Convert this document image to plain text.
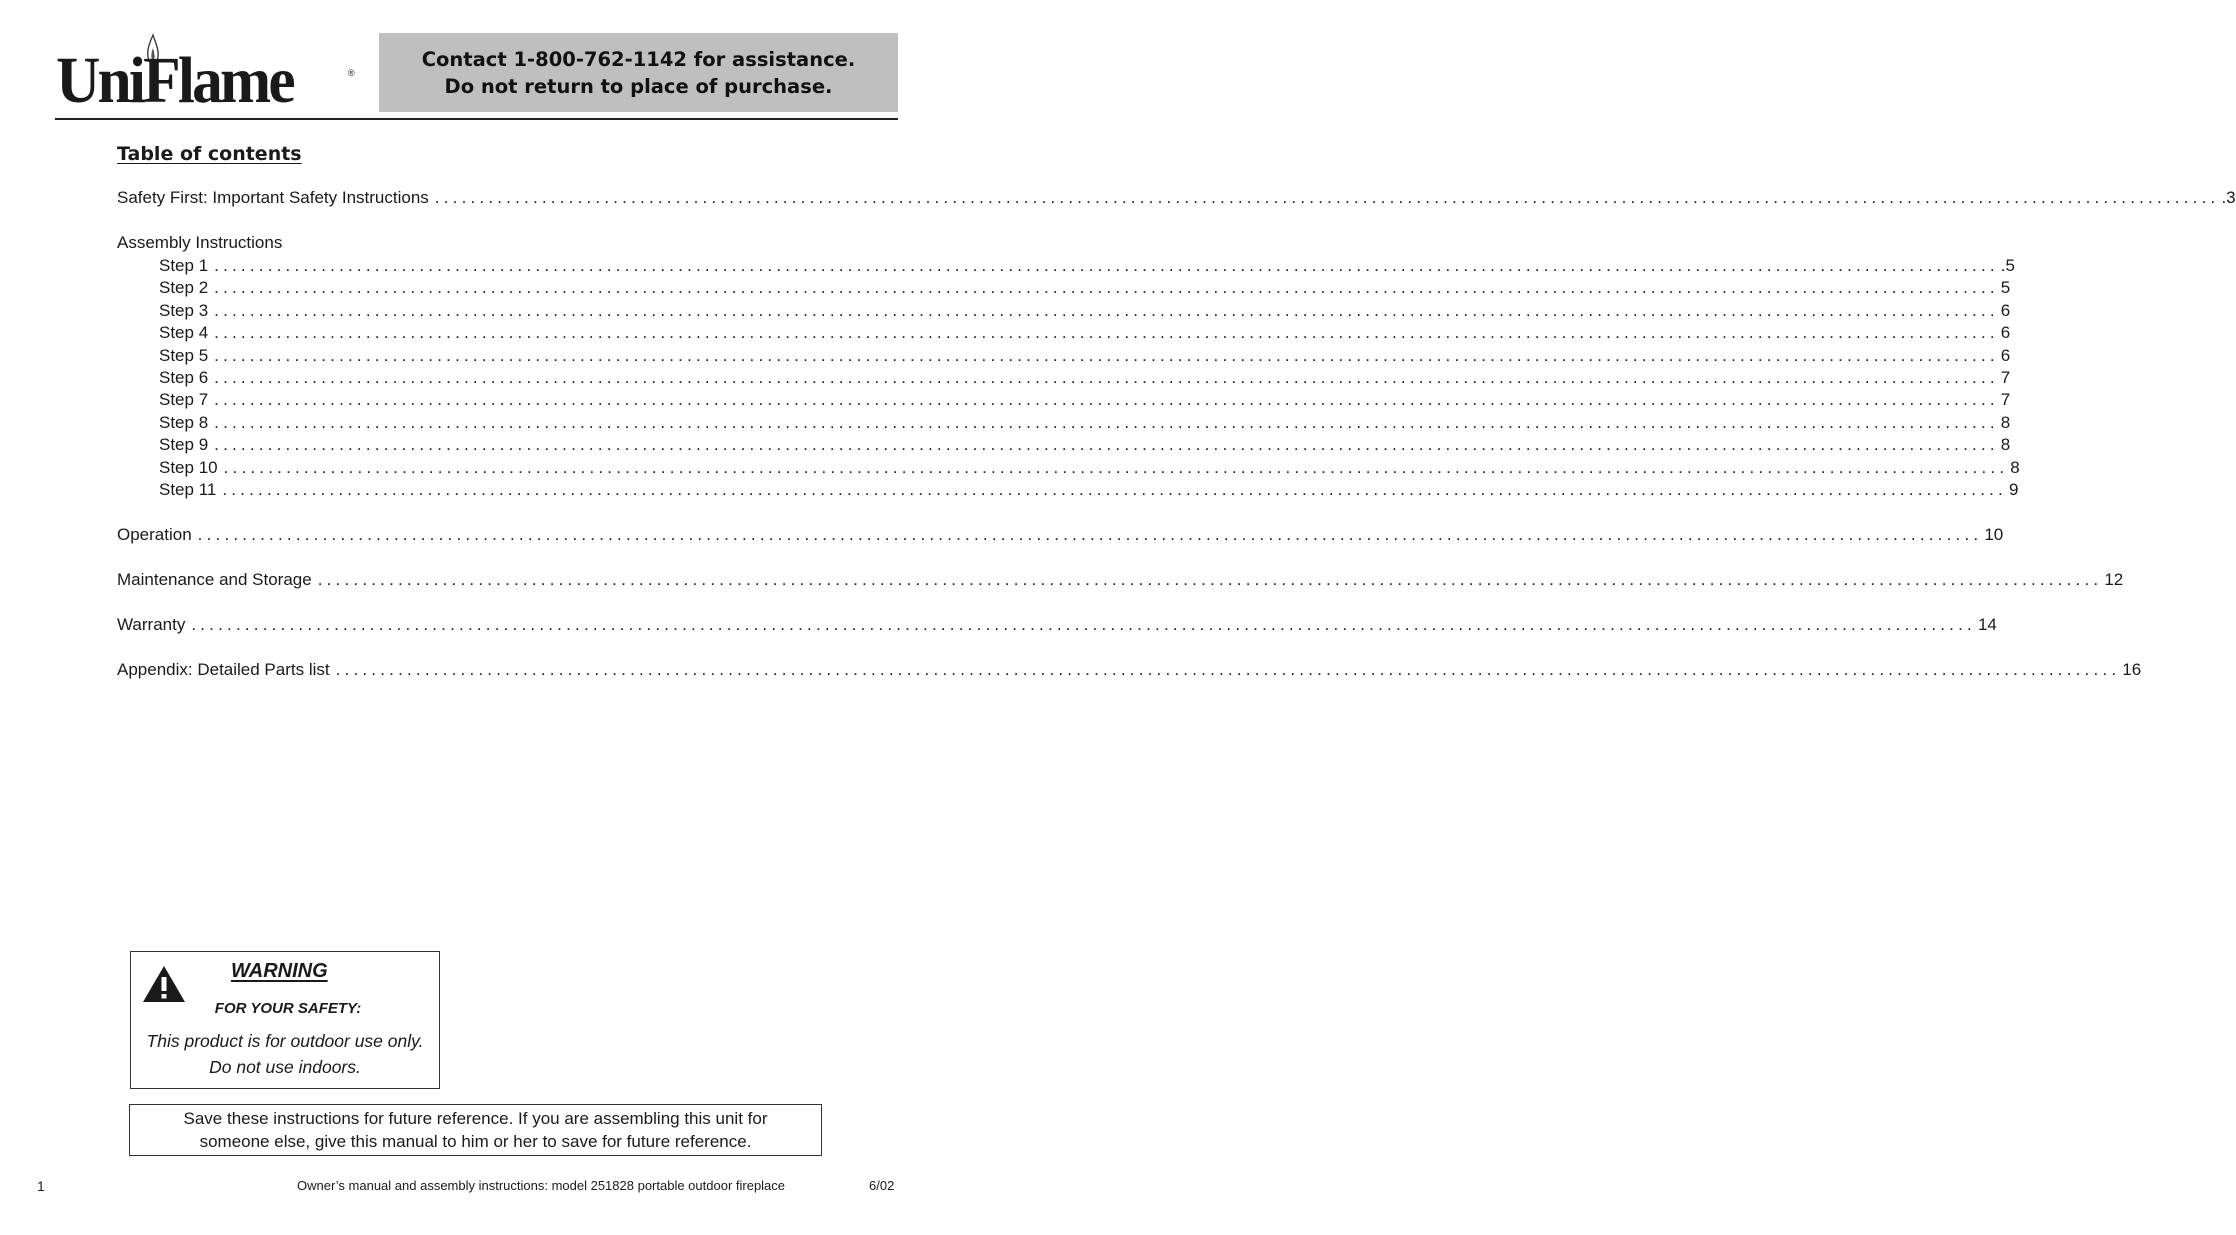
UniFlame	®
Contact 1-800-762-1142 for assistance.
Do not return to place of purchase.
Table of contents
Safety First: Important Safety Instructions ........................................................................................................................................................................................................ .3
Assembly Instructions
Step 1 ........................................................................................................................................................................................................ .5
Step 2 ........................................................................................................................................................................................................ 5
Step 3 ........................................................................................................................................................................................................ 6
Step 4 ........................................................................................................................................................................................................ 6
Step 5 ........................................................................................................................................................................................................ 6
Step 6 ........................................................................................................................................................................................................ 7
Step 7 ........................................................................................................................................................................................................ 7
Step 8 ........................................................................................................................................................................................................ 8
Step 9 ........................................................................................................................................................................................................ 8
Step 10 ........................................................................................................................................................................................................ 8
Step 11 ........................................................................................................................................................................................................ 9
Operation ........................................................................................................................................................................................................ 10
Maintenance and Storage ........................................................................................................................................................................................................ 12
Warranty ........................................................................................................................................................................................................ 14
Appendix: Detailed Parts list ........................................................................................................................................................................................................ 16
WARNING
FOR YOUR SAFETY:
This product is for outdoor use only.
Do not use indoors.
Save these instructions for future reference. If you are assembling this unit for
someone else, give this manual to him or her to save for future reference.
1	Owner’s manual and assembly instructions: model 251828 portable outdoor fireplace	6/02
